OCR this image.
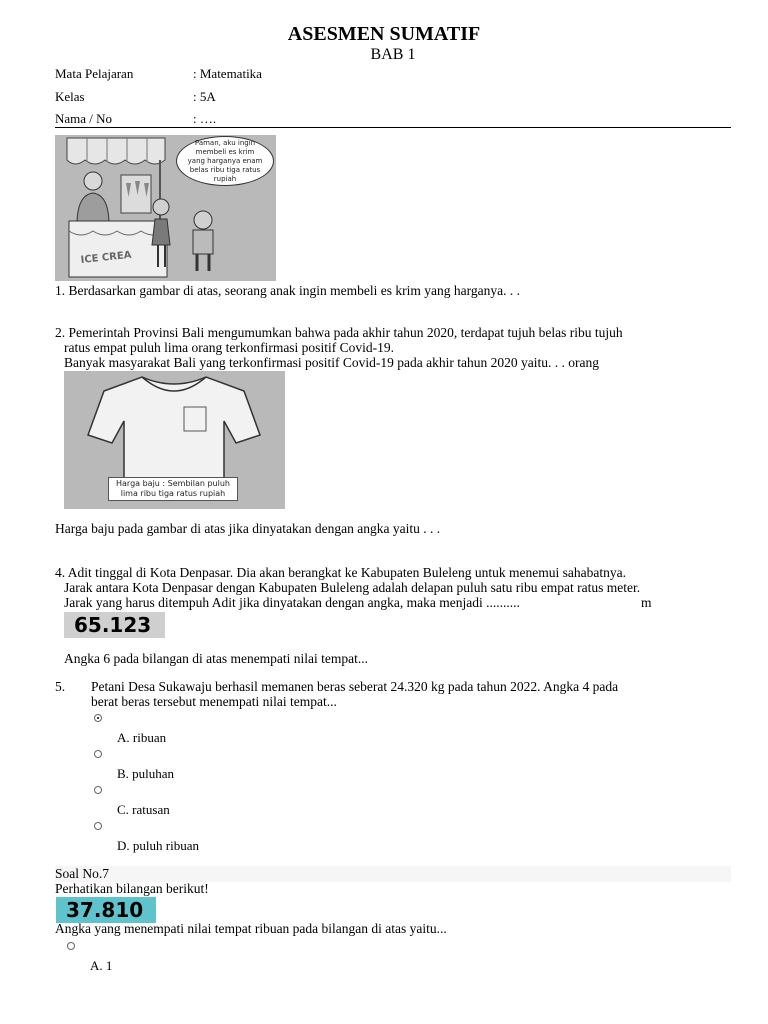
ASESMEN SUMATIF
BAB 1
Mata Pelajaran	: Matematika
Kelas	: 5A
Nama / No	: ….
ICE CREA
Paman, aku ingin membeli es krim yang harganya enam belas ribu tiga ratus rupiah
1. Berdasarkan gambar di atas, seorang anak ingin membeli es krim yang harganya. . .
2. Pemerintah Provinsi Bali mengumumkan bahwa pada akhir tahun 2020, terdapat tujuh belas ribu tujuh
ratus empat puluh lima orang terkonfirmasi positif Covid-19.
Banyak masyarakat Bali yang terkonfirmasi positif Covid-19 pada akhir tahun 2020 yaitu. . . orang
Harga baju : Sembilan puluh lima ribu tiga ratus rupiah
Harga baju pada gambar di atas jika dinyatakan dengan angka yaitu . . .
4. Adit tinggal di Kota Denpasar. Dia akan berangkat ke Kabupaten Buleleng untuk menemui sahabatnya.
Jarak antara Kota Denpasar dengan Kabupaten Buleleng adalah delapan puluh satu ribu empat ratus meter.
Jarak yang harus ditempuh Adit jika dinyatakan dengan angka, maka menjadi ..........	m
65.123
Angka 6 pada bilangan di atas menempati nilai tempat...
5. Petani Desa Sukawaju berhasil memanen beras seberat 24.320 kg pada tahun 2022. Angka 4 pada
berat beras tersebut menempati nilai tempat...
A. ribuan
B. puluhan
C. ratusan
D. puluh ribuan
Soal No.7
Perhatikan bilangan berikut!
37.810
Angka yang menempati nilai tempat ribuan pada bilangan di atas yaitu...
A. 1
